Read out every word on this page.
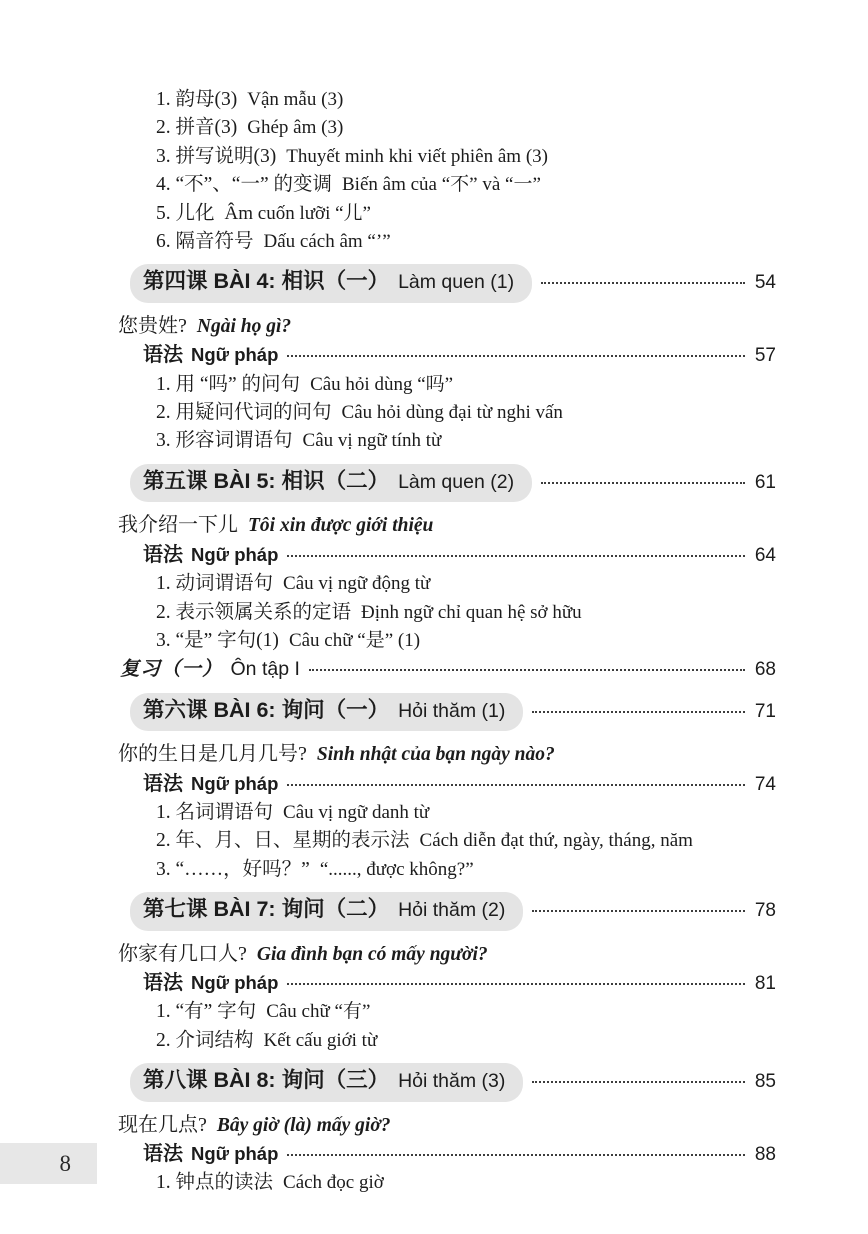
1. 韵母(3) Vận mẫu (3)
2. 拼音(3) Ghép âm (3)
3. 拼写说明(3) Thuyết minh khi viết phiên âm (3)
4. “不”、“一” 的变调 Biến âm của “不” và “一”
5. 儿化 Âm cuốn lưỡi “儿”
6. 隔音符号 Dấu cách âm “’”
第四课 BÀI 4: 相识（一） Làm quen (1)	54
您贵姓? Ngài họ gì?
语法 Ngữ pháp	57
1. 用 “吗” 的问句 Câu hỏi dùng “吗”
2. 用疑问代词的问句 Câu hỏi dùng đại từ nghi vấn
3. 形容词谓语句 Câu vị ngữ tính từ
第五课 BÀI 5: 相识（二） Làm quen (2)	61
我介绍一下儿 Tôi xin được giới thiệu
语法 Ngữ pháp	64
1. 动词谓语句 Câu vị ngữ động từ
2. 表示领属关系的定语 Định ngữ chỉ quan hệ sở hữu
3. “是” 字句(1) Câu chữ “是” (1)
复习（一） Ôn tập I	68
第六课 BÀI 6: 询问（一） Hỏi thăm (1)	71
你的生日是几月几号? Sinh nhật của bạn ngày nào?
语法 Ngữ pháp	74
1. 名词谓语句 Câu vị ngữ danh từ
2. 年、月、日、星期的表示法 Cách diễn đạt thứ, ngày, tháng, năm
3. “……，好吗？” “......, được không?”
第七课 BÀI 7: 询问（二） Hỏi thăm (2)	78
你家有几口人? Gia đình bạn có mấy người?
语法 Ngữ pháp	81
1. “有” 字句 Câu chữ “有”
2. 介词结构 Kết cấu giới từ
第八课 BÀI 8: 询问（三） Hỏi thăm (3)	85
现在几点? Bây giờ (là) mấy giờ?
语法 Ngữ pháp	88
1. 钟点的读法 Cách đọc giờ
8
